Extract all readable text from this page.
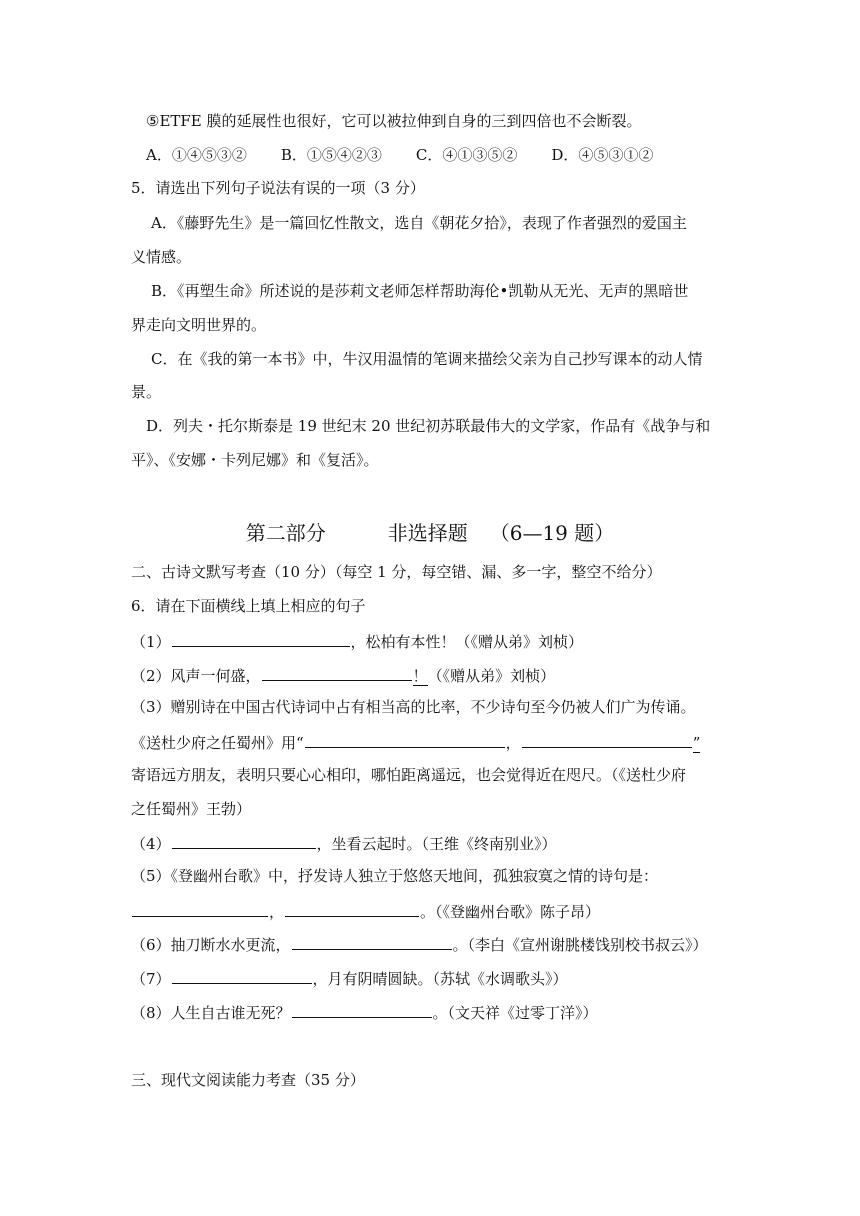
⑤ETFE 膜的延展性也很好，它可以被拉伸到自身的三到四倍也不会断裂。
A．①④⑤③② B．①⑤④②③ C．④①③⑤② D．④⑤③①②
5．请选出下列句子说法有误的一项（3 分）
A．《藤野先生》是一篇回忆性散文，选自《朝花夕拾》，表现了作者强烈的爱国主
义情感。
B．《再塑生命》所述说的是莎莉文老师怎样帮助海伦•凯勒从无光、无声的黑暗世
界走向文明世界的。
C．在《我的第一本书》中，牛汉用温情的笔调来描绘父亲为自己抄写课本的动人情
景。
D．列夫・托尔斯泰是 19 世纪末 20 世纪初苏联最伟大的文学家，作品有《战争与和
平》、《安娜・卡列尼娜》和《复活》。
第二部分	非选择题 （6—19 题）
二、古诗文默写考查（10 分）（每空 1 分，每空错、漏、多一字，整空不给分）
6．请在下面横线上填上相应的句子
（1）	，松柏有本性！（《赠从弟》刘桢）
（2）风声一何盛，	！（《赠从弟》刘桢）
（3）赠别诗在中国古代诗词中占有相当高的比率，不少诗句至今仍被人们广为传诵。
《送杜少府之任蜀州》用“	，	”
寄语远方朋友，表明只要心心相印，哪怕距离遥远，也会觉得近在咫尺。（《送杜少府
之任蜀州》王勃）
（4）	，坐看云起时。（王维《终南别业》）
（5）《登幽州台歌》中，抒发诗人独立于悠悠天地间，孤独寂寞之情的诗句是：
，	。（《登幽州台歌》陈子昂）
（6）抽刀断水水更流，	。（李白《宣州谢朓楼饯别校书叔云》）
（7）	，月有阴晴圆缺。（苏轼《水调歌头》）
（8）人生自古谁无死？	。（文天祥《过零丁洋》）
三、现代文阅读能力考查（35 分）
